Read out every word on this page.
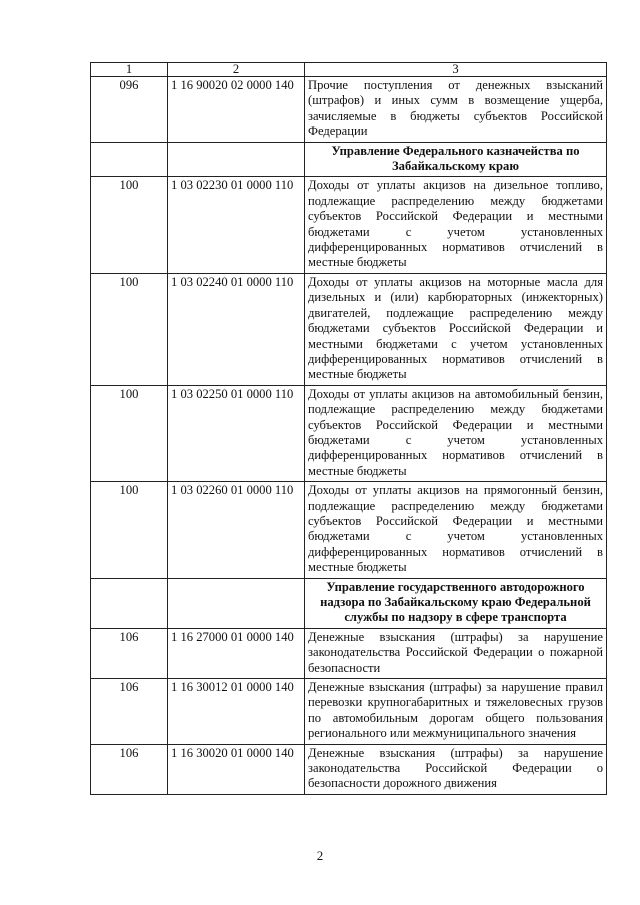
1	2	3
096	1 16 90020 02 0000 140	Прочие поступления от денежных взысканий (штрафов) и иных сумм в возмещение ущерба, зачисляемые в бюджеты субъектов Российской Федерации
		Управление Федерального казначейства по Забайкальскому краю
100	1 03 02230 01 0000 110	Доходы от уплаты акцизов на дизельное топливо, подлежащие распределению между бюджетами субъектов Российской Федерации и местными бюджетами с учетом установленных дифференцированных нормативов отчислений в местные бюджеты
100	1 03 02240 01 0000 110	Доходы от уплаты акцизов на моторные масла для дизельных и (или) карбюраторных (инжекторных) двигателей, подлежащие распределению между бюджетами субъектов Российской Федерации и местными бюджетами с учетом установленных дифференцированных нормативов отчислений в местные бюджеты
100	1 03 02250 01 0000 110	Доходы от уплаты акцизов на автомобильный бензин, подлежащие распределению между бюджетами субъектов Российской Федерации и местными бюджетами с учетом установленных дифференцированных нормативов отчислений в местные бюджеты
100	1 03 02260 01 0000 110	Доходы от уплаты акцизов на прямогонный бензин, подлежащие распределению между бюджетами субъектов Российской Федерации и местными бюджетами с учетом установленных дифференцированных нормативов отчислений в местные бюджеты
		Управление государственного автодорожного надзора по Забайкальскому краю Федеральной службы по надзору в сфере транспорта
106	1 16 27000 01 0000 140	Денежные взыскания (штрафы) за нарушение законодательства Российской Федерации о пожарной безопасности
106	1 16 30012 01 0000 140	Денежные взыскания (штрафы) за нарушение правил перевозки крупногабаритных и тяжеловесных грузов по автомобильным дорогам общего пользования регионального или межмуниципального значения
106	1 16 30020 01 0000 140	Денежные взыскания (штрафы) за нарушение законодательства Российской Федерации о безопасности дорожного движения
2
